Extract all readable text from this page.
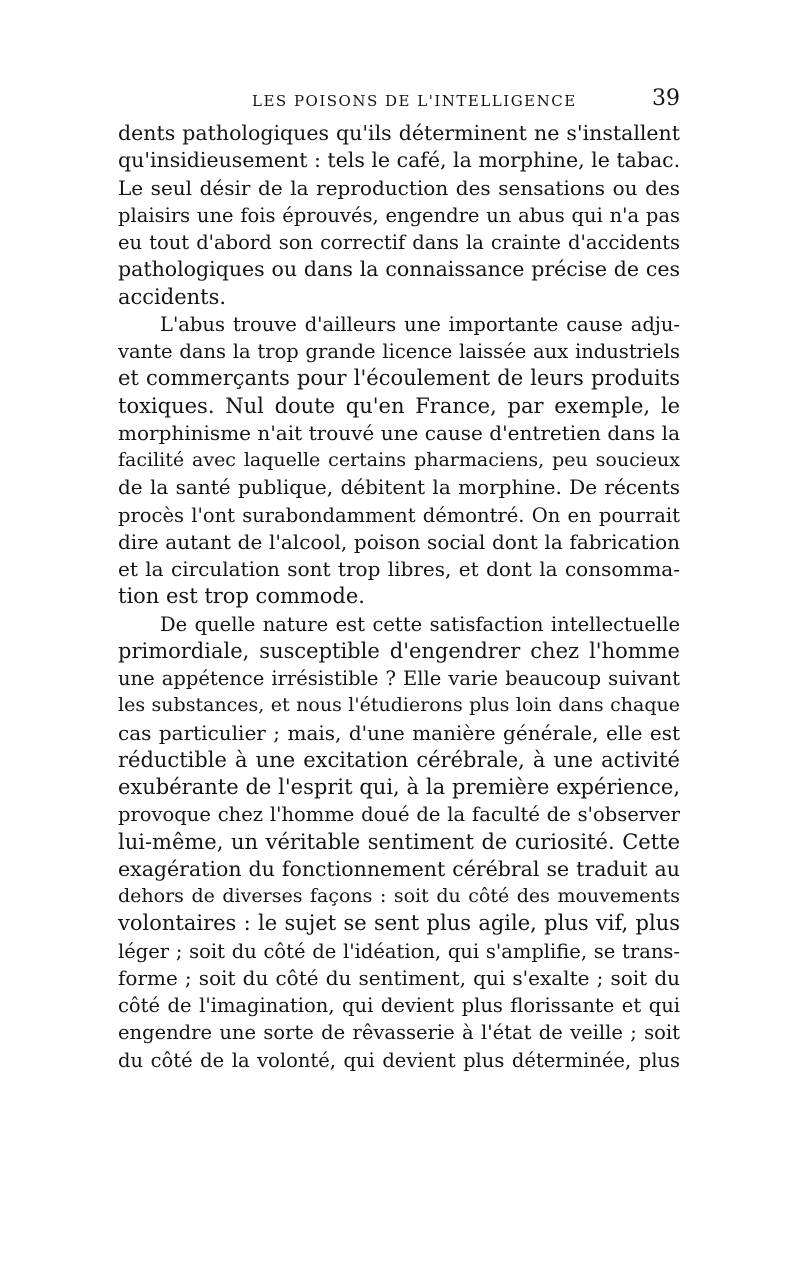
LES POISONS DE L'INTELLIGENCE	39
dents pathologiques qu'ils déterminent ne s'installent
qu'insidieusement : tels le café, la morphine, le tabac.
Le seul désir de la reproduction des sensations ou des
plaisirs une fois éprouvés, engendre un abus qui n'a pas
eu tout d'abord son correctif dans la crainte d'accidents
pathologiques ou dans la connaissance précise de ces
accidents.
L'abus trouve d'ailleurs une importante cause adju-
vante dans la trop grande licence laissée aux industriels
et commerçants pour l'écoulement de leurs produits
toxiques. Nul doute qu'en France, par exemple, le
morphinisme n'ait trouvé une cause d'entretien dans la
facilité avec laquelle certains pharmaciens, peu soucieux
de la santé publique, débitent la morphine. De récents
procès l'ont surabondamment démontré. On en pourrait
dire autant de l'alcool, poison social dont la fabrication
et la circulation sont trop libres, et dont la consomma-
tion est trop commode.
De quelle nature est cette satisfaction intellectuelle
primordiale, susceptible d'engendrer chez l'homme
une appétence irrésistible ? Elle varie beaucoup suivant
les substances, et nous l'étudierons plus loin dans chaque
cas particulier ; mais, d'une manière générale, elle est
réductible à une excitation cérébrale, à une activité
exubérante de l'esprit qui, à la première expérience,
provoque chez l'homme doué de la faculté de s'observer
lui-même, un véritable sentiment de curiosité. Cette
exagération du fonctionnement cérébral se traduit au
dehors de diverses façons : soit du côté des mouvements
volontaires : le sujet se sent plus agile, plus vif, plus
léger ; soit du côté de l'idéation, qui s'amplifie, se trans-
forme ; soit du côté du sentiment, qui s'exalte ; soit du
côté de l'imagination, qui devient plus florissante et qui
engendre une sorte de rêvasserie à l'état de veille ; soit
du côté de la volonté, qui devient plus déterminée, plus
